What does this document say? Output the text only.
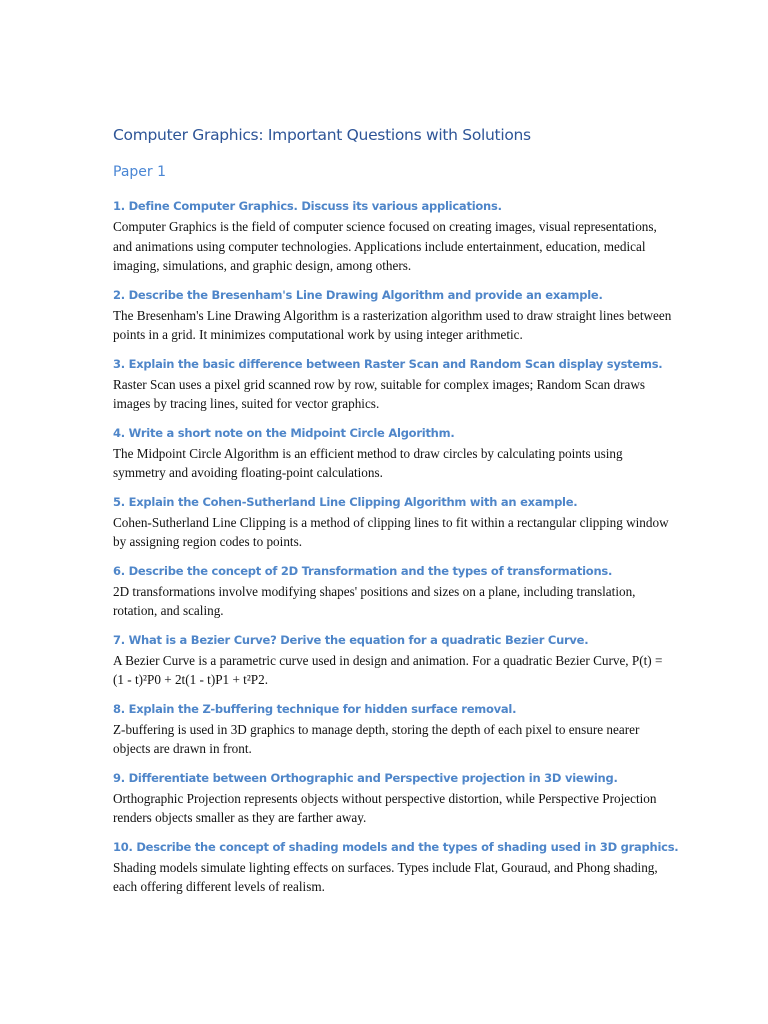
Computer Graphics: Important Questions with Solutions
Paper 1
1. Define Computer Graphics. Discuss its various applications.

Computer Graphics is the field of computer science focused on creating images, visual representations, and animations using computer technologies. Applications include entertainment, education, medical imaging, simulations, and graphic design, among others.

2. Describe the Bresenham's Line Drawing Algorithm and provide an example.

The Bresenham's Line Drawing Algorithm is a rasterization algorithm used to draw straight lines between points in a grid. It minimizes computational work by using integer arithmetic.

3. Explain the basic difference between Raster Scan and Random Scan display systems.

Raster Scan uses a pixel grid scanned row by row, suitable for complex images; Random Scan draws images by tracing lines, suited for vector graphics.

4. Write a short note on the Midpoint Circle Algorithm.

The Midpoint Circle Algorithm is an efficient method to draw circles by calculating points using symmetry and avoiding floating-point calculations.

5. Explain the Cohen-Sutherland Line Clipping Algorithm with an example.

Cohen-Sutherland Line Clipping is a method of clipping lines to fit within a rectangular clipping window by assigning region codes to points.

6. Describe the concept of 2D Transformation and the types of transformations.

2D transformations involve modifying shapes' positions and sizes on a plane, including translation, rotation, and scaling.

7. What is a Bezier Curve? Derive the equation for a quadratic Bezier Curve.

A Bezier Curve is a parametric curve used in design and animation. For a quadratic Bezier Curve, P(t) = (1 - t)²P0 + 2t(1 - t)P1 + t²P2.

8. Explain the Z-buffering technique for hidden surface removal.

Z-buffering is used in 3D graphics to manage depth, storing the depth of each pixel to ensure nearer objects are drawn in front.

9. Differentiate between Orthographic and Perspective projection in 3D viewing.

Orthographic Projection represents objects without perspective distortion, while Perspective Projection renders objects smaller as they are farther away.

10. Describe the concept of shading models and the types of shading used in 3D graphics.

Shading models simulate lighting effects on surfaces. Types include Flat, Gouraud, and Phong shading, each offering different levels of realism.
